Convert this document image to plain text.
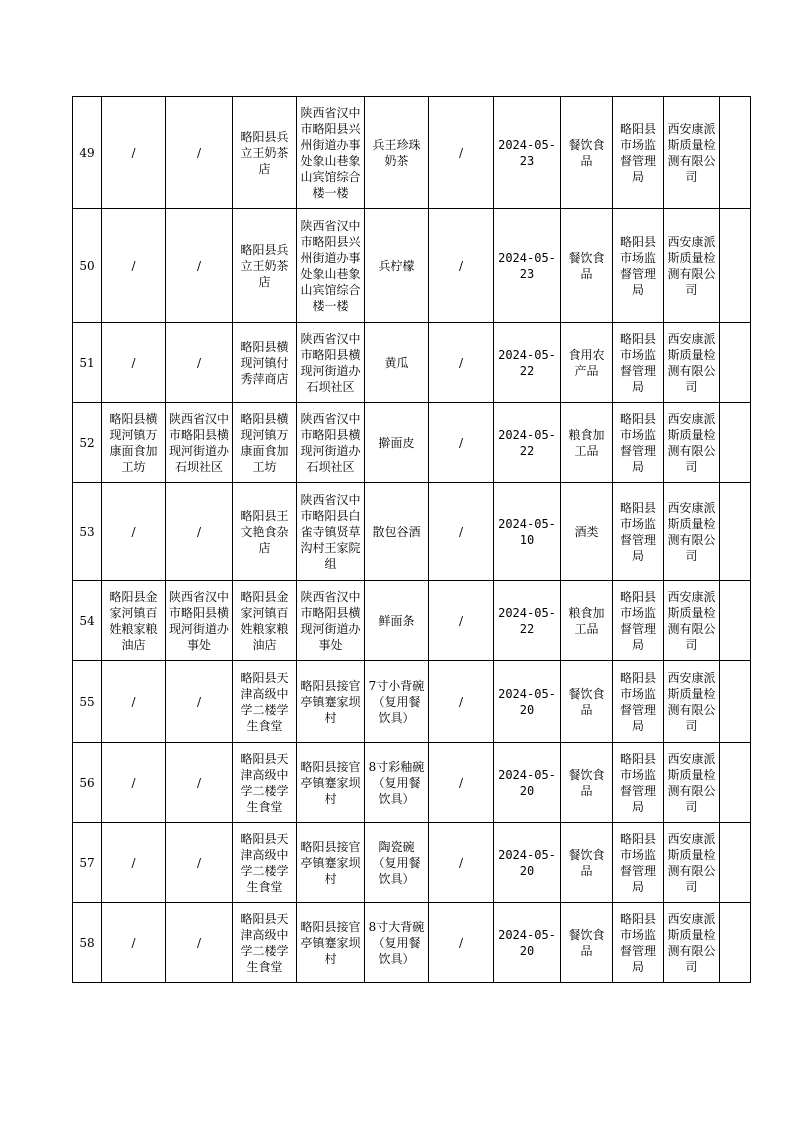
49	/	/	略阳县兵立王奶茶店	陕西省汉中市略阳县兴州街道办事处象山巷象山宾馆综合楼一楼	兵王珍珠奶茶	/	2024-05-23	餐饮食品	略阳县市场监督管理局	西安康派斯质量检测有限公司	
50	/	/	略阳县兵立王奶茶店	陕西省汉中市略阳县兴州街道办事处象山巷象山宾馆综合楼一楼	兵柠檬	/	2024-05-23	餐饮食品	略阳县市场监督管理局	西安康派斯质量检测有限公司	
51	/	/	略阳县横现河镇付秀萍商店	陕西省汉中市略阳县横现河街道办石坝社区	黄瓜	/	2024-05-22	食用农产品	略阳县市场监督管理局	西安康派斯质量检测有限公司	
52	略阳县横现河镇万康面食加工坊	陕西省汉中市略阳县横现河街道办石坝社区	略阳县横现河镇万康面食加工坊	陕西省汉中市略阳县横现河街道办石坝社区	擀面皮	/	2024-05-22	粮食加工品	略阳县市场监督管理局	西安康派斯质量检测有限公司	
53	/	/	略阳县王文艳食杂店	陕西省汉中市略阳县白雀寺镇贤草沟村王家院组	散包谷酒	/	2024-05-10	酒类	略阳县市场监督管理局	西安康派斯质量检测有限公司	
54	略阳县金家河镇百姓粮家粮油店	陕西省汉中市略阳县横现河街道办事处	略阳县金家河镇百姓粮家粮油店	陕西省汉中市略阳县横现河街道办事处	鲜面条	/	2024-05-22	粮食加工品	略阳县市场监督管理局	西安康派斯质量检测有限公司	
55	/	/	略阳县天津高级中学二楼学生食堂	略阳县接官亭镇蹇家坝村	7寸小背碗（复用餐饮具）	/	2024-05-20	餐饮食品	略阳县市场监督管理局	西安康派斯质量检测有限公司	
56	/	/	略阳县天津高级中学二楼学生食堂	略阳县接官亭镇蹇家坝村	8寸彩釉碗（复用餐饮具）	/	2024-05-20	餐饮食品	略阳县市场监督管理局	西安康派斯质量检测有限公司	
57	/	/	略阳县天津高级中学二楼学生食堂	略阳县接官亭镇蹇家坝村	陶瓷碗（复用餐饮具）	/	2024-05-20	餐饮食品	略阳县市场监督管理局	西安康派斯质量检测有限公司	
58	/	/	略阳县天津高级中学二楼学生食堂	略阳县接官亭镇蹇家坝村	8寸大背碗（复用餐饮具）	/	2024-05-20	餐饮食品	略阳县市场监督管理局	西安康派斯质量检测有限公司	
